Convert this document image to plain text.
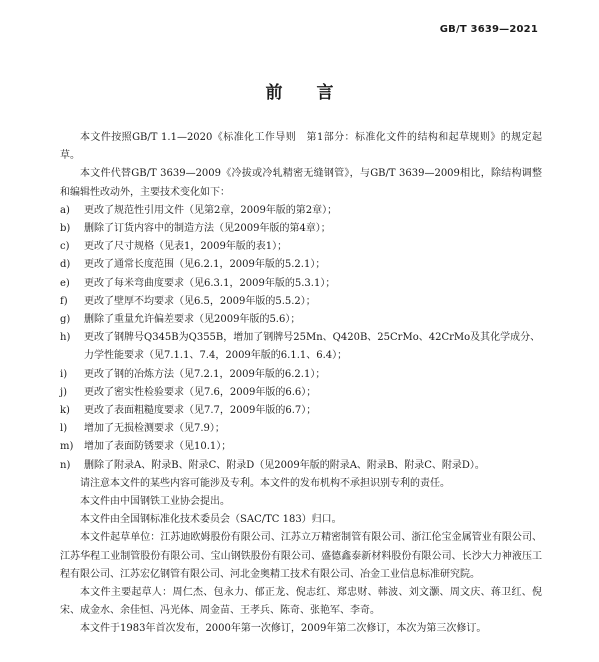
GB/T 3639—2021
前 言

本文件按照GB/T 1.1—2020《标准化工作导则　第1部分：标准化文件的结构和起草规则》的规定起草。

本文件代替GB/T 3639—2009《冷拔或冷轧精密无缝钢管》，与GB/T 3639—2009相比，除结构调整和编辑性改动外，主要技术变化如下：

a)	更改了规范性引用文件（见第2章，2009年版的第2章）；
b)	删除了订货内容中的制造方法（见2009年版的第4章）；
c)	更改了尺寸规格（见表1，2009年版的表1）；
d)	更改了通常长度范围（见6.2.1，2009年版的5.2.1）；
e)	更改了每米弯曲度要求（见6.3.1，2009年版的5.3.1）；
f)	更改了壁厚不均要求（见6.5，2009年版的5.5.2）；
g)	删除了重量允许偏差要求（见2009年版的5.6）；
h)	更改了钢牌号Q345B为Q355B，增加了钢牌号25Mn、Q420B、25CrMo、42CrMo及其化学成分、力学性能要求（见7.1.1、7.4，2009年版的6.1.1、6.4）；
i)	更改了钢的冶炼方法（见7.2.1，2009年版的6.2.1）；
j)	更改了密实性检验要求（见7.6，2009年版的6.6）；
k)	更改了表面粗糙度要求（见7.7，2009年版的6.7）；
l)	增加了无损检测要求（见7.9）；
m)	增加了表面防锈要求（见10.1）；
n)	删除了附录A、附录B、附录C、附录D（见2009年版的附录A、附录B、附录C、附录D）。

请注意本文件的某些内容可能涉及专利。本文件的发布机构不承担识别专利的责任。

本文件由中国钢铁工业协会提出。

本文件由全国钢标准化技术委员会（SAC/TC 183）归口。

本文件起草单位：江苏迪欧姆股份有限公司、江苏立万精密制管有限公司、浙江伦宝金属管业有限公司、江苏华程工业制管股份有限公司、宝山钢铁股份有限公司、盛德鑫泰新材料股份有限公司、长沙大力神液压工程有限公司、江苏宏亿钢管有限公司、河北金奥精工技术有限公司、冶金工业信息标准研究院。

本文件主要起草人：周仁杰、包永力、郁正龙、倪志红、郑忠财、韩波、刘文灏、周文庆、蒋卫红、倪宋、成金水、余佳恒、冯光体、周金苗、王孝兵、陈奇、张艳军、李奇。

本文件于1983年首次发布，2000年第一次修订，2009年第二次修订，本次为第三次修订。
